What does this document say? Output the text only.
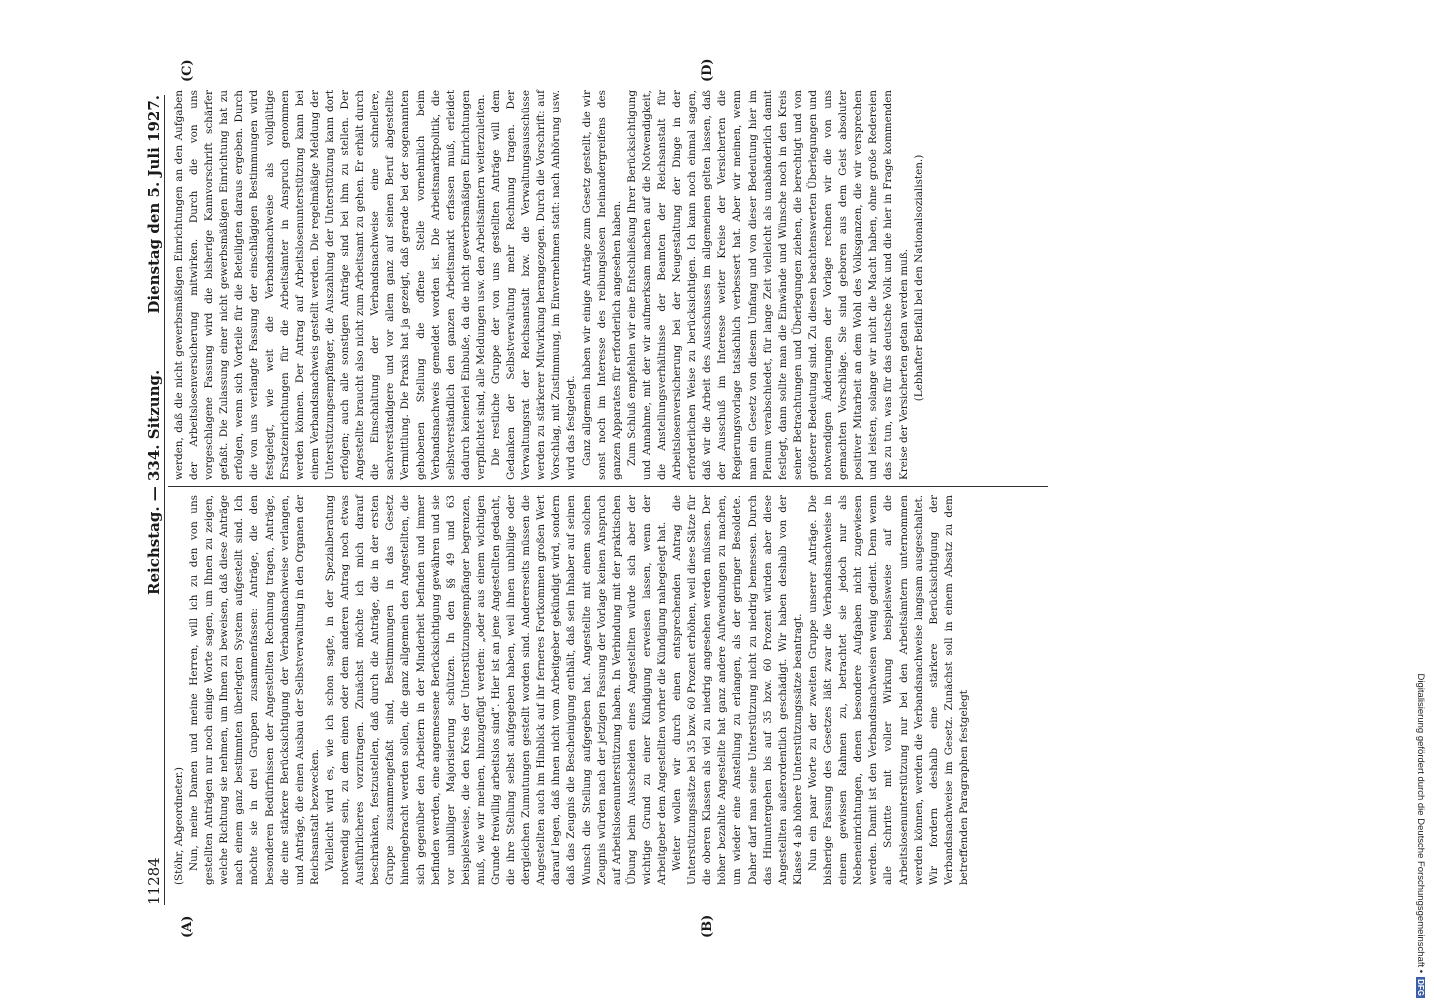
11284
Reichstag. — 334. Sitzung.
Dienstag den 5. Juli 1927.
(A)	(B)
(C)	(D)

(Stöhr, Abgeordneter.) Nun, meine Damen und meine Herren, will ich zu den von uns gestellten Anträgen nur noch einige Worte sagen, um Ihnen zu zeigen, welche Richtung sie nehmen, um Ihnen zu beweisen, daß diese Anträge nach einem ganz bestimmten überlegten System aufgestellt sind. Ich möchte sie in drei Gruppen zusammenfassen: Anträge, die den besonderen Bedürfnissen der Angestellten Rechnung tragen, Anträge, die eine stärkere Berücksichtigung der Verbandsnachweise verlangen, und Anträge, die einen Ausbau der Selbstverwaltung in den Organen der Reichsanstalt bezwecken. Vielleicht wird es, wie ich schon sagte, in der Spezialberatung notwendig sein, zu dem einen oder dem anderen Antrag noch etwas Ausführlicheres vorzutragen. Zunächst möchte ich mich darauf beschränken, festzustellen, daß durch die Anträge, die in der ersten Gruppe zusammengefaßt sind, Bestimmungen in das Gesetz hineingebracht werden sollen, die ganz allgemein den Angestellten, die sich gegenüber den Arbeitern in der Minderheit befinden und immer befinden werden, eine angemessene Berücksichtigung gewähren und sie vor unbilliger Majorisierung schützen. In den §§ 49 und 63 beispielsweise, die den Kreis der Unterstützungsempfänger begrenzen, muß, wie wir meinen, hinzugefügt werden: „oder aus einem wichtigen Grunde freiwillig arbeitslos sind“. Hier ist an jene Angestellten gedacht, die ihre Stellung selbst aufgegeben haben, weil ihnen unbillige oder dergleichen Zumutungen gestellt worden sind. Andererseits müssen die Angestellten auch im Hinblick auf ihr ferneres Fortkommen großen Wert darauf legen, daß ihnen nicht vom Arbeitgeber gekündigt wird, sondern daß das Zeugnis die Bescheinigung enthält, daß sein Inhaber auf seinen Wunsch die Stellung aufgegeben hat. Angestellte mit einem solchen Zeugnis würden nach der jetzigen Fassung der Vorlage keinen Anspruch auf Arbeitslosenunterstützung haben. In Verbindung mit der praktischen Übung beim Ausscheiden eines Angestellten würde sich aber der wichtige Grund zu einer Kündigung erweisen lassen, wenn der Arbeitgeber dem Angestellten vorher die Kündigung nahegelegt hat. Weiter wollen wir durch einen entsprechenden Antrag die Unterstützungssätze bei 35 bzw. 60 Prozent erhöhen, weil diese Sätze für die oberen Klassen als viel zu niedrig angesehen werden müssen. Der höher bezahlte Angestellte hat ganz andere Aufwendungen zu machen, um wieder eine Anstellung zu erlangen, als der geringer Besoldete. Daher darf man seine Unterstützung nicht zu niedrig bemessen. Durch das Hinuntergehen bis auf 35 bzw. 60 Prozent würden aber diese Angestellten außerordentlich geschädigt. Wir haben deshalb von der Klasse 4 ab höhere Unterstützungssätze beantragt. Nun ein paar Worte zu der zweiten Gruppe unserer Anträge. Die bisherige Fassung des Gesetzes läßt zwar die Verbandsnachweise in einem gewissen Rahmen zu, betrachtet sie jedoch nur als Nebeneinrichtungen, denen besondere Aufgaben nicht zugewiesen werden. Damit ist den Verbandsnachweisen wenig gedient. Denn wenn alle Schritte mit voller Wirkung beispielsweise auf die Arbeitslosenunterstützung nur bei den Arbeitsämtern unternommen werden können, werden die Verbandsnachweise langsam ausgeschaltet. Wir fordern deshalb eine stärkere Berücksichtigung der Verbandsnachweise im Gesetz. Zunächst soll in einem Absatz zu dem betreffenden Paragraphen festgelegt

werden, daß die nicht gewerbsmäßigen Einrichtungen an den Aufgaben der Arbeitslosenversicherung mitwirken. Durch die von uns vorgeschlagene Fassung wird die bisherige Kannvorschrift schärfer gefaßt. Die Zulassung einer nicht gewerbsmäßigen Einrichtung hat zu erfolgen, wenn sich Vorteile für die Beteiligten daraus ergeben. Durch die von uns verlangte Fassung der einschlägigen Bestimmungen wird festgelegt, wie weit die Verbandsnachweise als vollgültige Ersatzeinrichtungen für die Arbeitsämter in Anspruch genommen werden können. Der Antrag auf Arbeitslosenunterstützung kann bei einem Verbandsnachweis gestellt werden. Die regelmäßige Meldung der Unterstützungsempfänger, die Auszahlung der Unterstützung kann dort erfolgen; auch alle sonstigen Anträge sind bei ihm zu stellen. Der Angestellte braucht also nicht zum Arbeitsamt zu gehen. Er erhält durch die Einschaltung der Verbandsnachweise eine schnellere, sachverständigere und vor allem ganz auf seinen Beruf abgestellte Vermittlung. Die Praxis hat ja gezeigt, daß gerade bei der sogenannten gehobenen Stellung die offene Stelle vornehmlich beim Verbandsnachweis gemeldet worden ist. Die Arbeitsmarktpolitik, die selbstverständlich den ganzen Arbeitsmarkt erfassen muß, erleidet dadurch keinerlei Einbuße, da die nicht gewerbsmäßigen Einrichtungen verpflichtet sind, alle Meldungen usw. den Arbeitsämtern weiterzuleiten. Die restliche Gruppe der von uns gestellten Anträge will dem Gedanken der Selbstverwaltung mehr Rechnung tragen. Der Verwaltungsrat der Reichsanstalt bzw. die Verwaltungsausschüsse werden zu stärkerer Mitwirkung herangezogen. Durch die Vorschrift: auf Vorschlag, mit Zustimmung, im Einvernehmen statt: nach Anhörung usw. wird das festgelegt. Ganz allgemein haben wir einige Anträge zum Gesetz gestellt, die wir sonst noch im Interesse des reibungslosen Ineinandergreifens des ganzen Apparates für erforderlich angesehen haben. Zum Schluß empfehlen wir eine Entschließung Ihrer Berücksichtigung und Annahme, mit der wir aufmerksam machen auf die Notwendigkeit, die Anstellungsverhältnisse der Beamten der Reichsanstalt für Arbeitslosenversicherung bei der Neugestaltung der Dinge in der erforderlichen Weise zu berücksichtigen. Ich kann noch einmal sagen, daß wir die Arbeit des Ausschusses im allgemeinen gelten lassen, daß der Ausschuß im Interesse weiter Kreise der Versicherten die Regierungsvorlage tatsächlich verbessert hat. Aber wir meinen, wenn man ein Gesetz von diesem Umfang und von dieser Bedeutung hier im Plenum verabschiedet, für lange Zeit vielleicht als unabänderlich damit festlegt, dann sollte man die Einwände und Wünsche noch in den Kreis seiner Betrachtungen und Überlegungen ziehen, die berechtigt und von größerer Bedeutung sind. Zu diesen beachtenswerten Überlegungen und notwendigen Änderungen der Vorlage rechnen wir die von uns gemachten Vorschläge. Sie sind geboren aus dem Geist absoluter positiver Mitarbeit an dem Wohl des Volksganzen, die wir versprechen und leisten, solange wir nicht die Macht haben, ohne große Redereien das zu tun, was für das deutsche Volk und die hier in Frage kommenden Kreise der Versicherten getan werden muß. (Lebhafter Beifall bei den Nationalsozialisten.)

Digitalisierung gefördert durch die Deutsche Forschungsgemeinschaft •DFG
